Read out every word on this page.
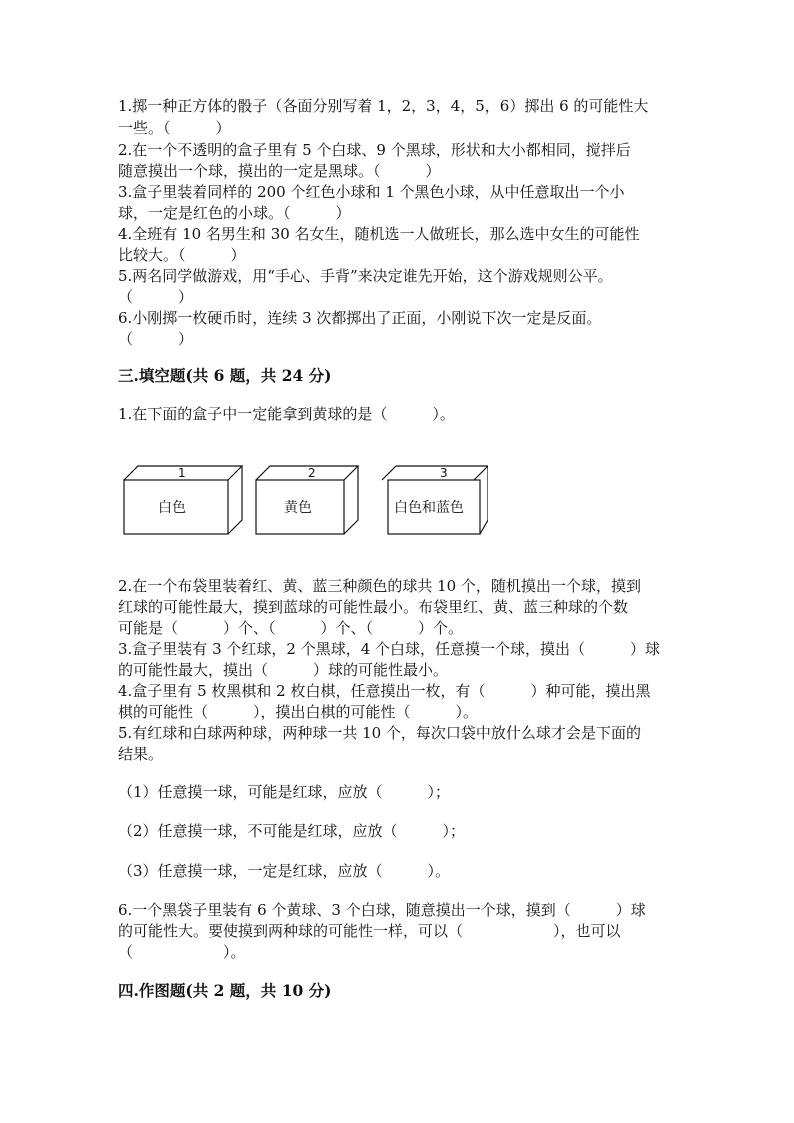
1.掷一种正方体的骰子（各面分别写着 1，2，3，4，5，6）掷出 6 的可能性大
一些。（　　　）
2.在一个不透明的盒子里有 5 个白球、9 个黑球，形状和大小都相同，搅拌后
随意摸出一个球，摸出的一定是黑球。（　　　）
3.盒子里装着同样的 200 个红色小球和 1 个黑色小球，从中任意取出一个小
球，一定是红色的小球。（　　　）
4.全班有 10 名男生和 30 名女生，随机选一人做班长，那么选中女生的可能性
比较大。（　　　）
5.两名同学做游戏，用“手心、手背”来决定谁先开始，这个游戏规则公平。
（　　　）
6.小刚掷一枚硬币时，连续 3 次都掷出了正面，小刚说下次一定是反面。
（　　　）
三.填空题(共 6 题，共 24 分)
1.在下面的盒子中一定能拿到黄球的是（　　　）。
1	2	3
白色	黄色	白色和蓝色
2.在一个布袋里装着红、黄、蓝三种颜色的球共 10 个，随机摸出一个球，摸到
红球的可能性最大，摸到蓝球的可能性最小。布袋里红、黄、蓝三种球的个数
可能是（　　　）个、（　　　）个、（　　　）个。
3.盒子里装有 3 个红球，2 个黑球，4 个白球，任意摸一个球，摸出（　　　）球
的可能性最大，摸出（　　　）球的可能性最小。
4.盒子里有 5 枚黑棋和 2 枚白棋，任意摸出一枚，有（　　　）种可能，摸出黑
棋的可能性（　　　），摸出白棋的可能性（　　　）。
5.有红球和白球两种球，两种球一共 10 个，每次口袋中放什么球才会是下面的
结果。
（1）任意摸一球，可能是红球，应放（　　　）；
（2）任意摸一球，不可能是红球，应放（　　　）；
（3）任意摸一球，一定是红球，应放（　　　）。
6.一个黑袋子里装有 6 个黄球、3 个白球，随意摸出一个球，摸到（　　　）球
的可能性大。要使摸到两种球的可能性一样，可以（　　　　　　），也可以
（　　　　　　）。
四.作图题(共 2 题，共 10 分)
